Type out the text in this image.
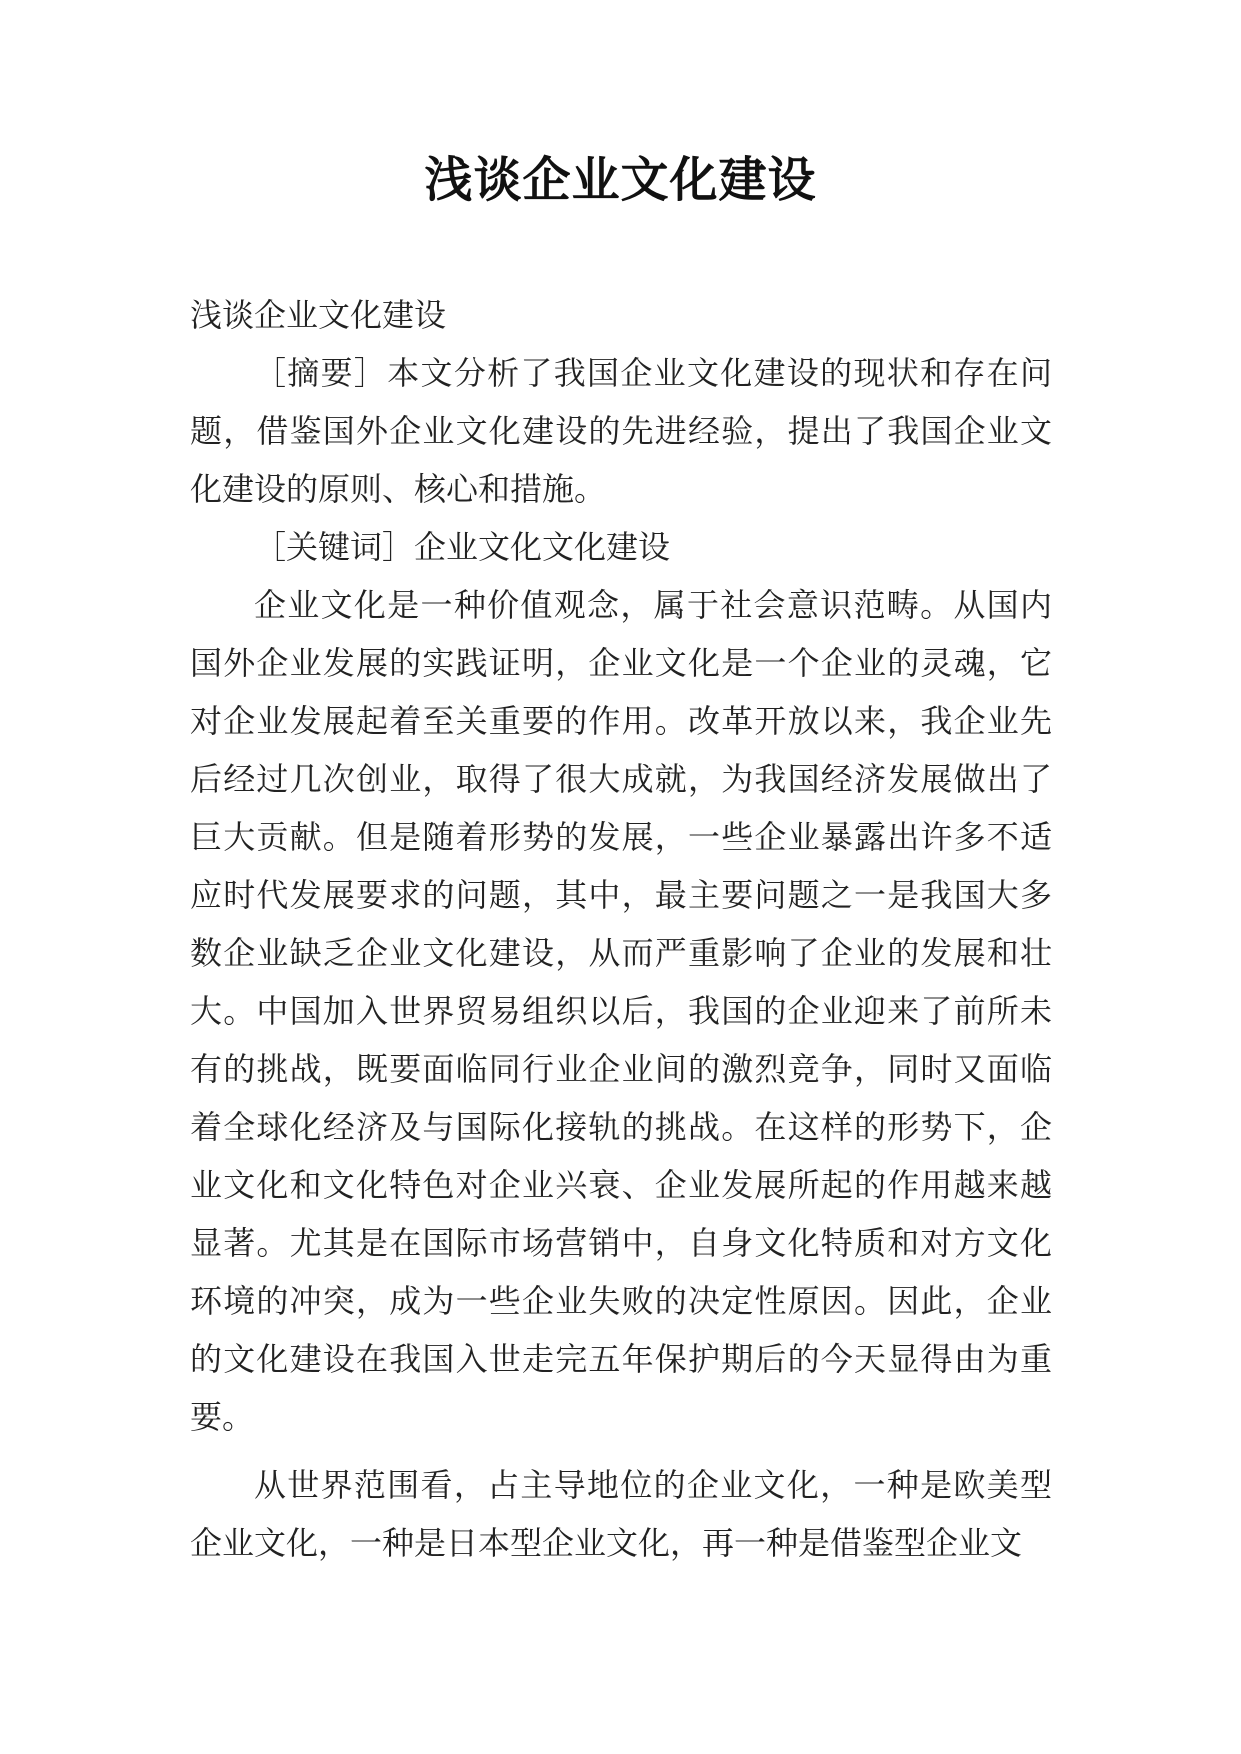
浅谈企业文化建设

浅谈企业文化建设

［摘要］本文分析了我国企业文化建设的现状和存在问题，借鉴国外企业文化建设的先进经验，提出了我国企业文化建设的原则、核心和措施。

［关键词］企业文化文化建设

企业文化是一种价值观念，属于社会意识范畴。从国内国外企业发展的实践证明，企业文化是一个企业的灵魂，它对企业发展起着至关重要的作用。改革开放以来，我企业先后经过几次创业，取得了很大成就，为我国经济发展做出了巨大贡献。但是随着形势的发展，一些企业暴露出许多不适应时代发展要求的问题，其中，最主要问题之一是我国大多数企业缺乏企业文化建设，从而严重影响了企业的发展和壮大。中国加入世界贸易组织以后，我国的企业迎来了前所未有的挑战，既要面临同行业企业间的激烈竞争，同时又面临着全球化经济及与国际化接轨的挑战。在这样的形势下，企业文化和文化特色对企业兴衰、企业发展所起的作用越来越显著。尤其是在国际市场营销中，自身文化特质和对方文化环境的冲突，成为一些企业失败的决定性原因。因此，企业的文化建设在我国入世走完五年保护期后的今天显得由为重要。

从世界范围看，占主导地位的企业文化，一种是欧美型企业文化，一种是日本型企业文化，再一种是借鉴型企业文
